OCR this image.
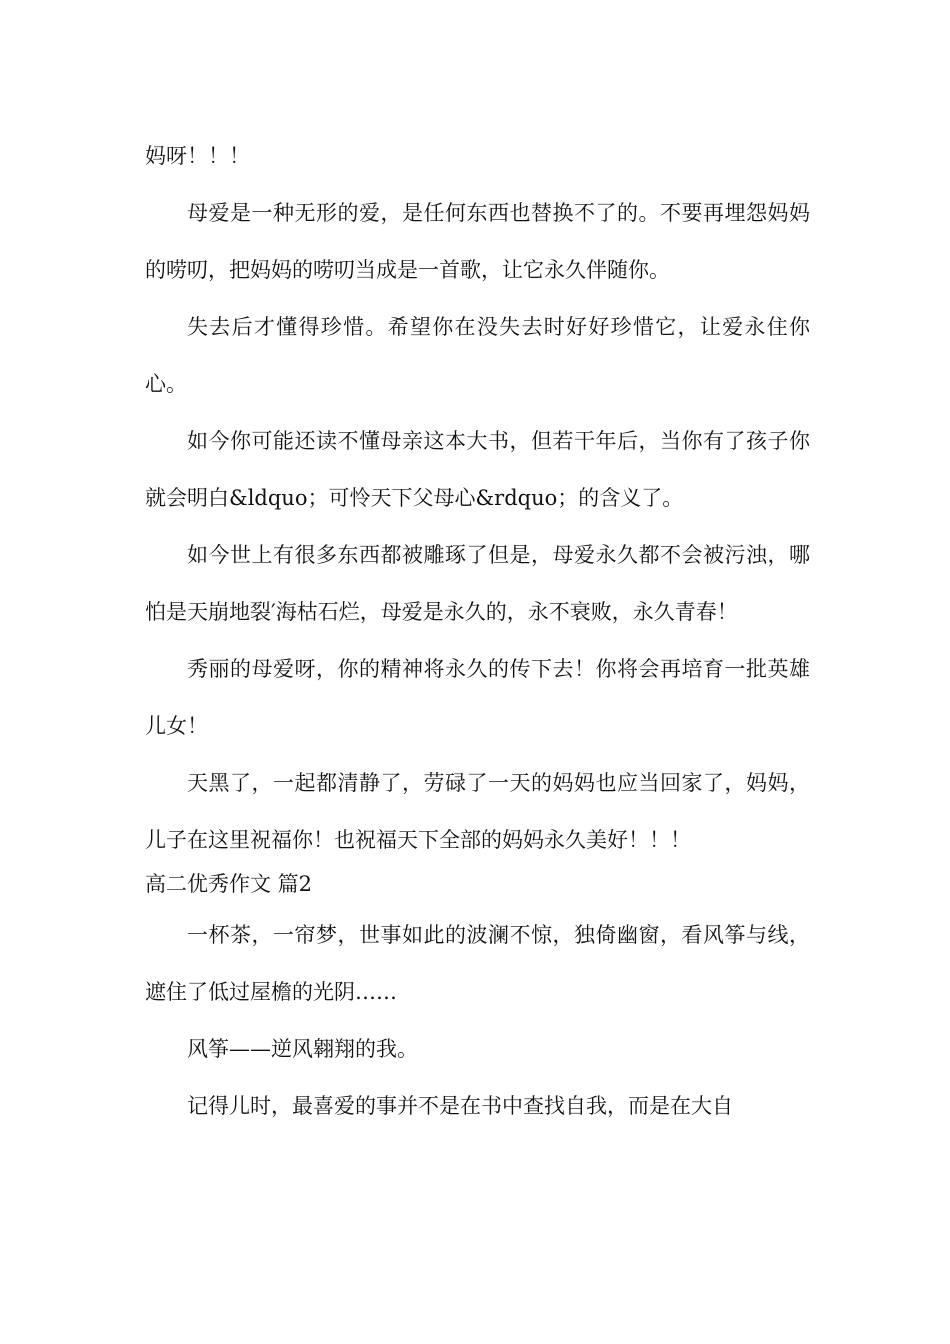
妈呀！！！

母爱是一种无形的爱，是任何东西也替换不了的。不要再埋怨妈妈的唠叨，把妈妈的唠叨当成是一首歌，让它永久伴随你。

失去后才懂得珍惜。希望你在没失去时好好珍惜它，让爱永住你心。

如今你可能还读不懂母亲这本大书，但若干年后，当你有了孩子你就会明白&ldquo；可怜天下父母心&rdquo；的含义了。

如今世上有很多东西都被雕琢了但是，母爱永久都不会被污浊，哪怕是天崩地裂′海枯石烂，母爱是永久的，永不衰败，永久青春！

秀丽的母爱呀，你的精神将永久的传下去！你将会再培育一批英雄儿女！

天黑了，一起都清静了，劳碌了一天的妈妈也应当回家了，妈妈，儿子在这里祝福你！也祝福天下全部的妈妈永久美好！！！

高二优秀作文 篇2

一杯茶，一帘梦，世事如此的波澜不惊，独倚幽窗，看风筝与线，遮住了低过屋檐的光阴……

风筝——逆风翱翔的我。

记得儿时，最喜爱的事并不是在书中查找自我，而是在大自
